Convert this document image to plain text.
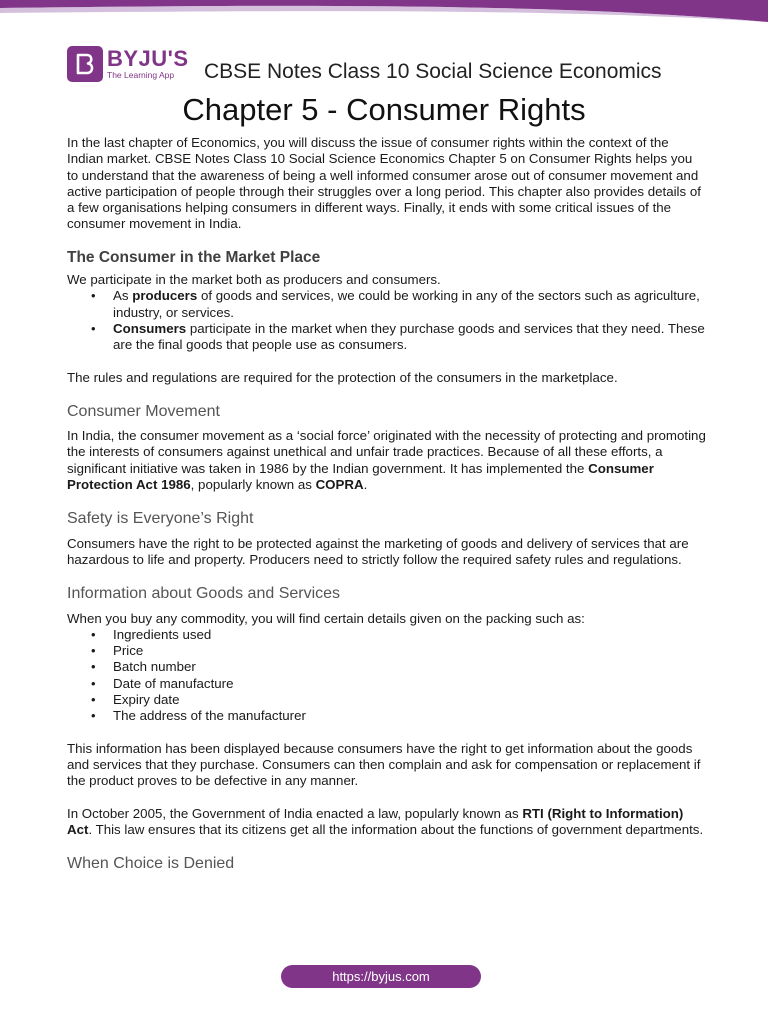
BYJU'S
The Learning App	CBSE Notes Class 10 Social Science Economics
Chapter 5 - Consumer Rights

In the last chapter of Economics, you will discuss the issue of consumer rights within the context of the Indian market. CBSE Notes Class 10 Social Science Economics Chapter 5 on Consumer Rights helps you to understand that the awareness of being a well informed consumer arose out of consumer movement and active participation of people through their struggles over a long period. This chapter also provides details of a few organisations helping consumers in different ways. Finally, it ends with some critical issues of the consumer movement in India.

The Consumer in the Market Place

We participate in the market both as producers and consumers.

• As producers of goods and services, we could be working in any of the sectors such as agriculture, industry, or services.
• Consumers participate in the market when they purchase goods and services that they need. These are the final goods that people use as consumers.

The rules and regulations are required for the protection of the consumers in the marketplace.

Consumer Movement

In India, the consumer movement as a ‘social force’ originated with the necessity of protecting and promoting the interests of consumers against unethical and unfair trade practices. Because of all these efforts, a significant initiative was taken in 1986 by the Indian government. It has implemented the Consumer Protection Act 1986, popularly known as COPRA.

Safety is Everyone’s Right

Consumers have the right to be protected against the marketing of goods and delivery of services that are hazardous to life and property. Producers need to strictly follow the required safety rules and regulations.

Information about Goods and Services

When you buy any commodity, you will find certain details given on the packing such as:

• Ingredients used
• Price
• Batch number
• Date of manufacture
• Expiry date
• The address of the manufacturer

This information has been displayed because consumers have the right to get information about the goods and services that they purchase. Consumers can then complain and ask for compensation or replacement if the product proves to be defective in any manner.

In October 2005, the Government of India enacted a law, popularly known as RTI (Right to Information) Act. This law ensures that its citizens get all the information about the functions of government departments.

When Choice is Denied
https://byjus.com
